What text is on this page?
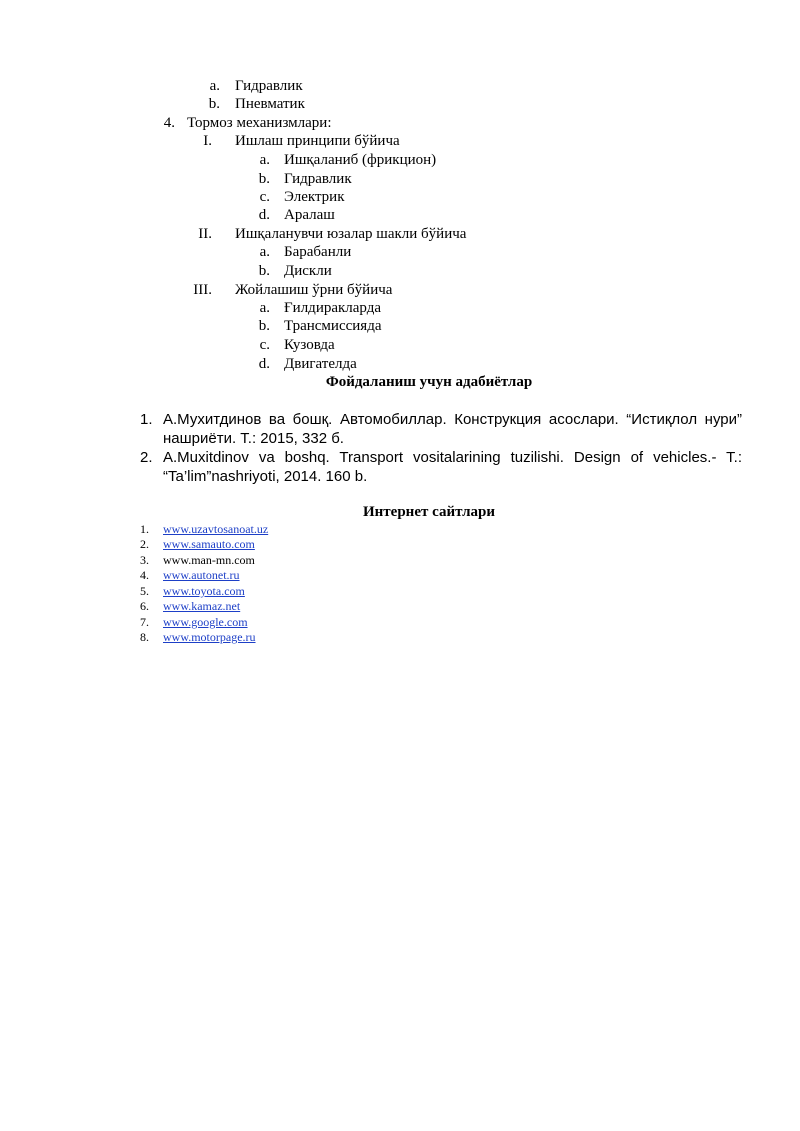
a. Гидравлик
b. Пневматик
4. Тормоз механизмлари:
I. Ишлаш принципи бўйича
a. Ишқаланиб (фрикцион)
b. Гидравлик
c. Электрик
d. Аралаш
II. Ишқаланувчи юзалар шакли бўйича
a. Барабанли
b. Дискли
III. Жойлашиш ўрни бўйича
a. Ғилдиракларда
b. Трансмиссияда
c. Кузовда
d. Двигателда
Фойдаланиш учун адабиётлар
1. А.Мухитдинов ва бошқ. Автомобиллар. Конструкция асослари. “Истиқлол нури”

нашриёти. Т.: 2015, 332 б.

2. A.Muxitdinov va boshq. Transport vositalarining tuzilishi. Design of vehicles.- T.:

“Ta’lim”nashriyoti, 2014. 160 b.

Интернет сайтлари
1. www.uzavtosanoat.uz
2. www.samauto.com
3. www.man-mn.com
4. www.autonet.ru
5. www.toyota.com
6. www.kamaz.net
7. www.google.com
8. www.motorpage.ru
